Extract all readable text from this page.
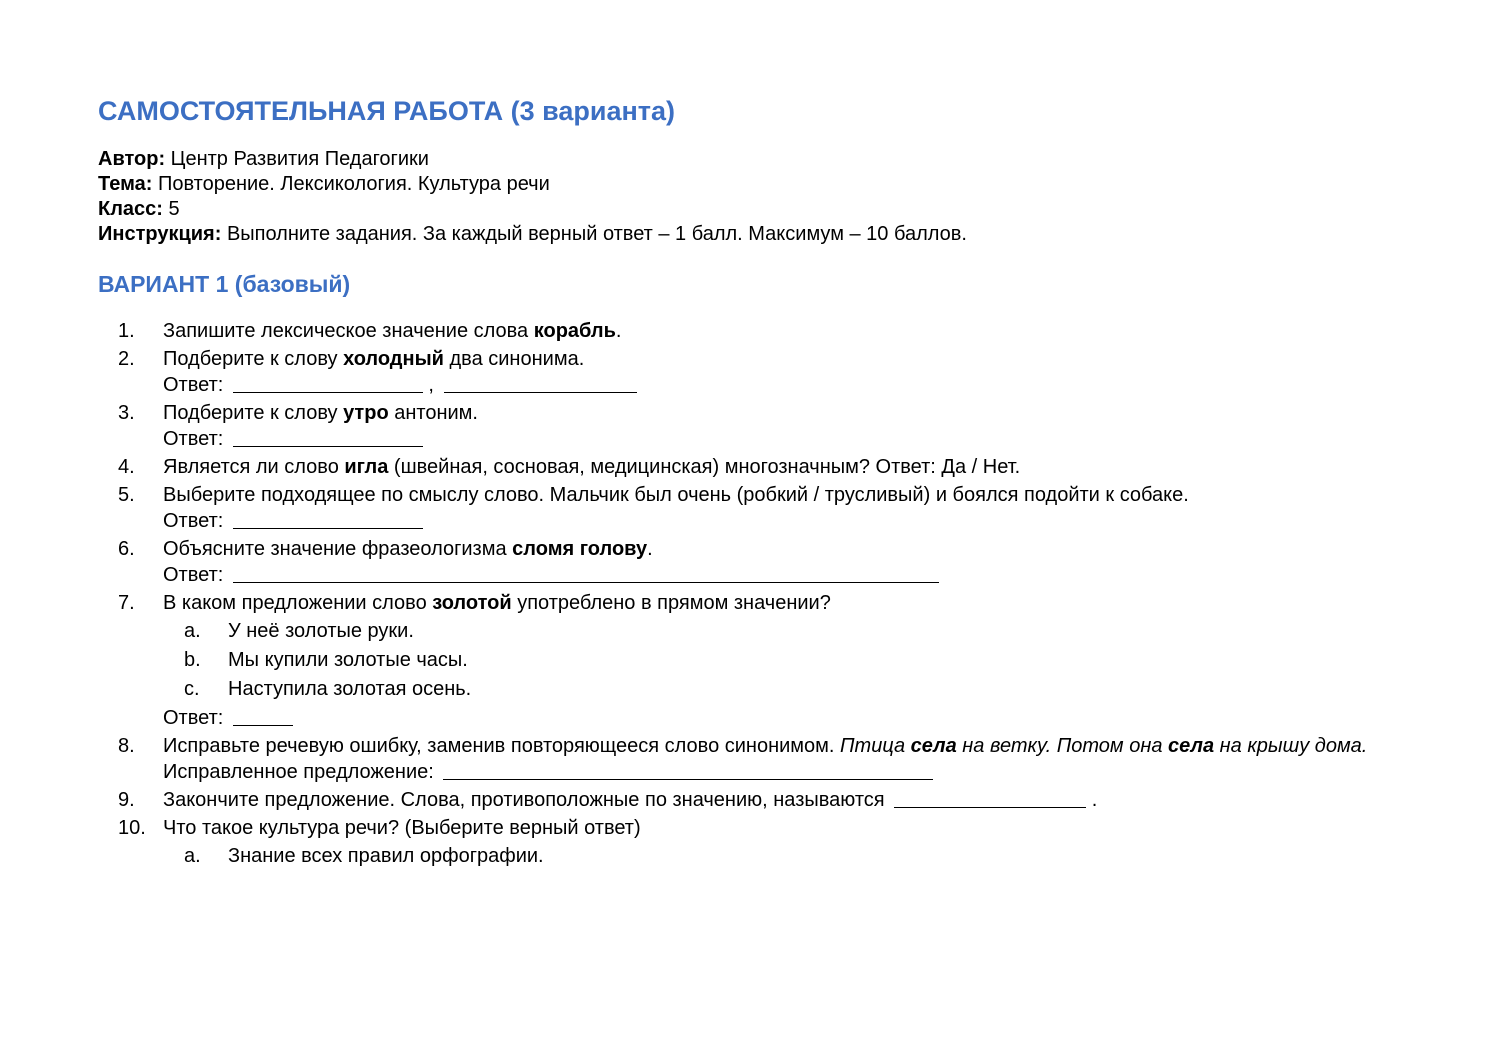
САМОСТОЯТЕЛЬНАЯ РАБОТА (3 варианта)
Автор: Центр Развития Педагогики
Тема: Повторение. Лексикология. Культура речи
Класс: 5
Инструкция: Выполните задания. За каждый верный ответ – 1 балл. Максимум – 10 баллов.
ВАРИАНТ 1 (базовый)
1. Запишите лексическое значение слова корабль.
2. Подберите к слову холодный два синонима.
Ответ:	,
3. Подберите к слову утро антоним.
Ответ:
4. Является ли слово игла (швейная, сосновая, медицинская) многозначным? Ответ: Да / Нет.
5. Выберите подходящее по смыслу слово. Мальчик был очень (робкий / трусливый) и боялся подойти к собаке.
Ответ:
6. Объясните значение фразеологизма сломя голову.
Ответ:
7. В каком предложении слово золотой употреблено в прямом значении?
a. У неё золотые руки.
b. Мы купили золотые часы.
c. Наступила золотая осень.
Ответ:
8. Исправьте речевую ошибку, заменив повторяющееся слово синонимом. Птица села на ветку. Потом она села на крышу дома.
Исправленное предложение:
9. Закончите предложение. Слова, противоположные по значению, называются	.
10. Что такое культура речи? (Выберите верный ответ)
a. Знание всех правил орфографии.
